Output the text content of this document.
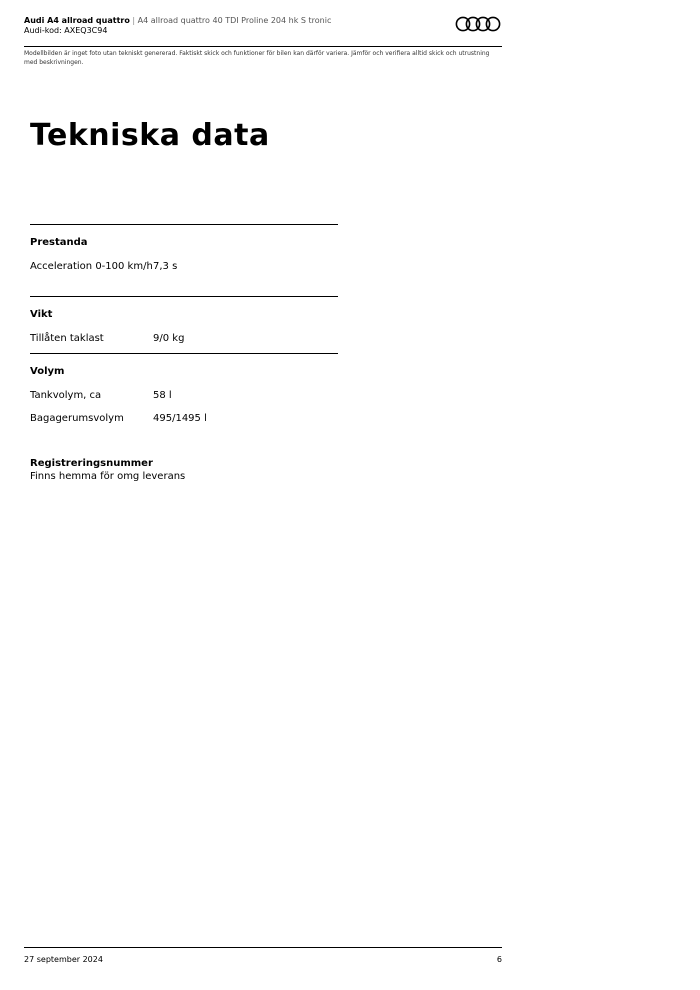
Audi A4 allroad quattro | A4 allroad quattro 40 TDI Proline 204 hk S tronic
Audi-kod: AXEQ3C94
Modellbilden är inget foto utan tekniskt genererad. Faktiskt skick och funktioner för bilen kan därför variera. Jämför och verifiera alltid skick och utrustning med beskrivningen.
Tekniska data
Prestanda
Acceleration 0-100 km/h 7,3 s
Vikt
Tillåten taklast	9/0 kg
Volym
Tankvolym, ca	58 l
Bagagerumsvolym	495/1495 l
Registreringsnummer
Finns hemma för omg leverans
27 september 2024	6
